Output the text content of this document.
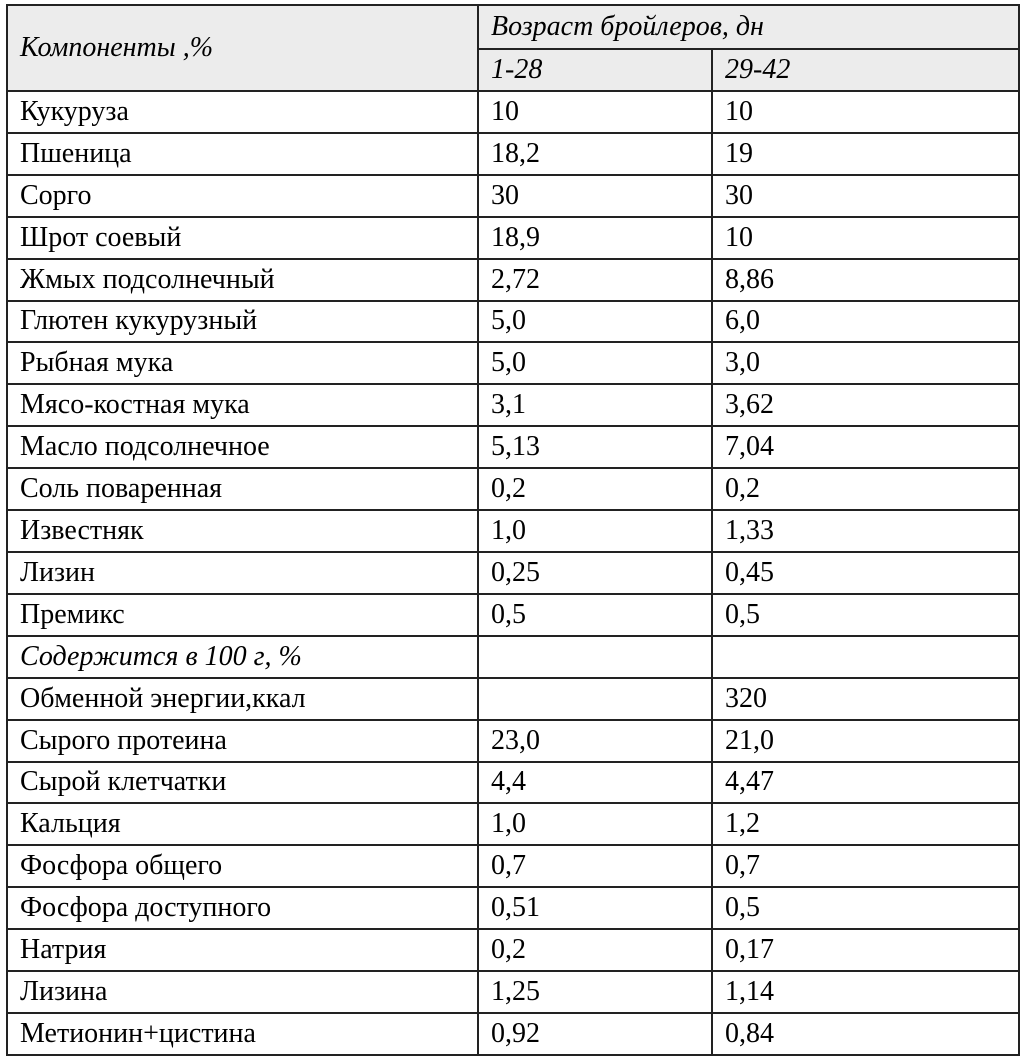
Компоненты ,%	Возраст бройлеров, дн	
	1-28	29-42
Кукуруза	10	10
Пшеница	18,2	19
Сорго	30	30
Шрот соевый	18,9	10
Жмых подсолнечный	2,72	8,86
Глютен кукурузный	5,0	6,0
Рыбная мука	5,0	3,0
Мясо-костная мука	3,1	3,62
Масло подсолнечное	5,13	7,04
Соль поваренная	0,2	0,2
Известняк	1,0	1,33
Лизин	0,25	0,45
Премикс	0,5	0,5
Содержится в 100 г, %		
Обменной энергии,ккал		320
Сырого протеина	23,0	21,0
Сырой клетчатки	4,4	4,47
Кальция	1,0	1,2
Фосфора общего	0,7	0,7
Фосфора доступного	0,51	0,5
Натрия	0,2	0,17
Лизина	1,25	1,14
Метионин+цистина	0,92	0,84
